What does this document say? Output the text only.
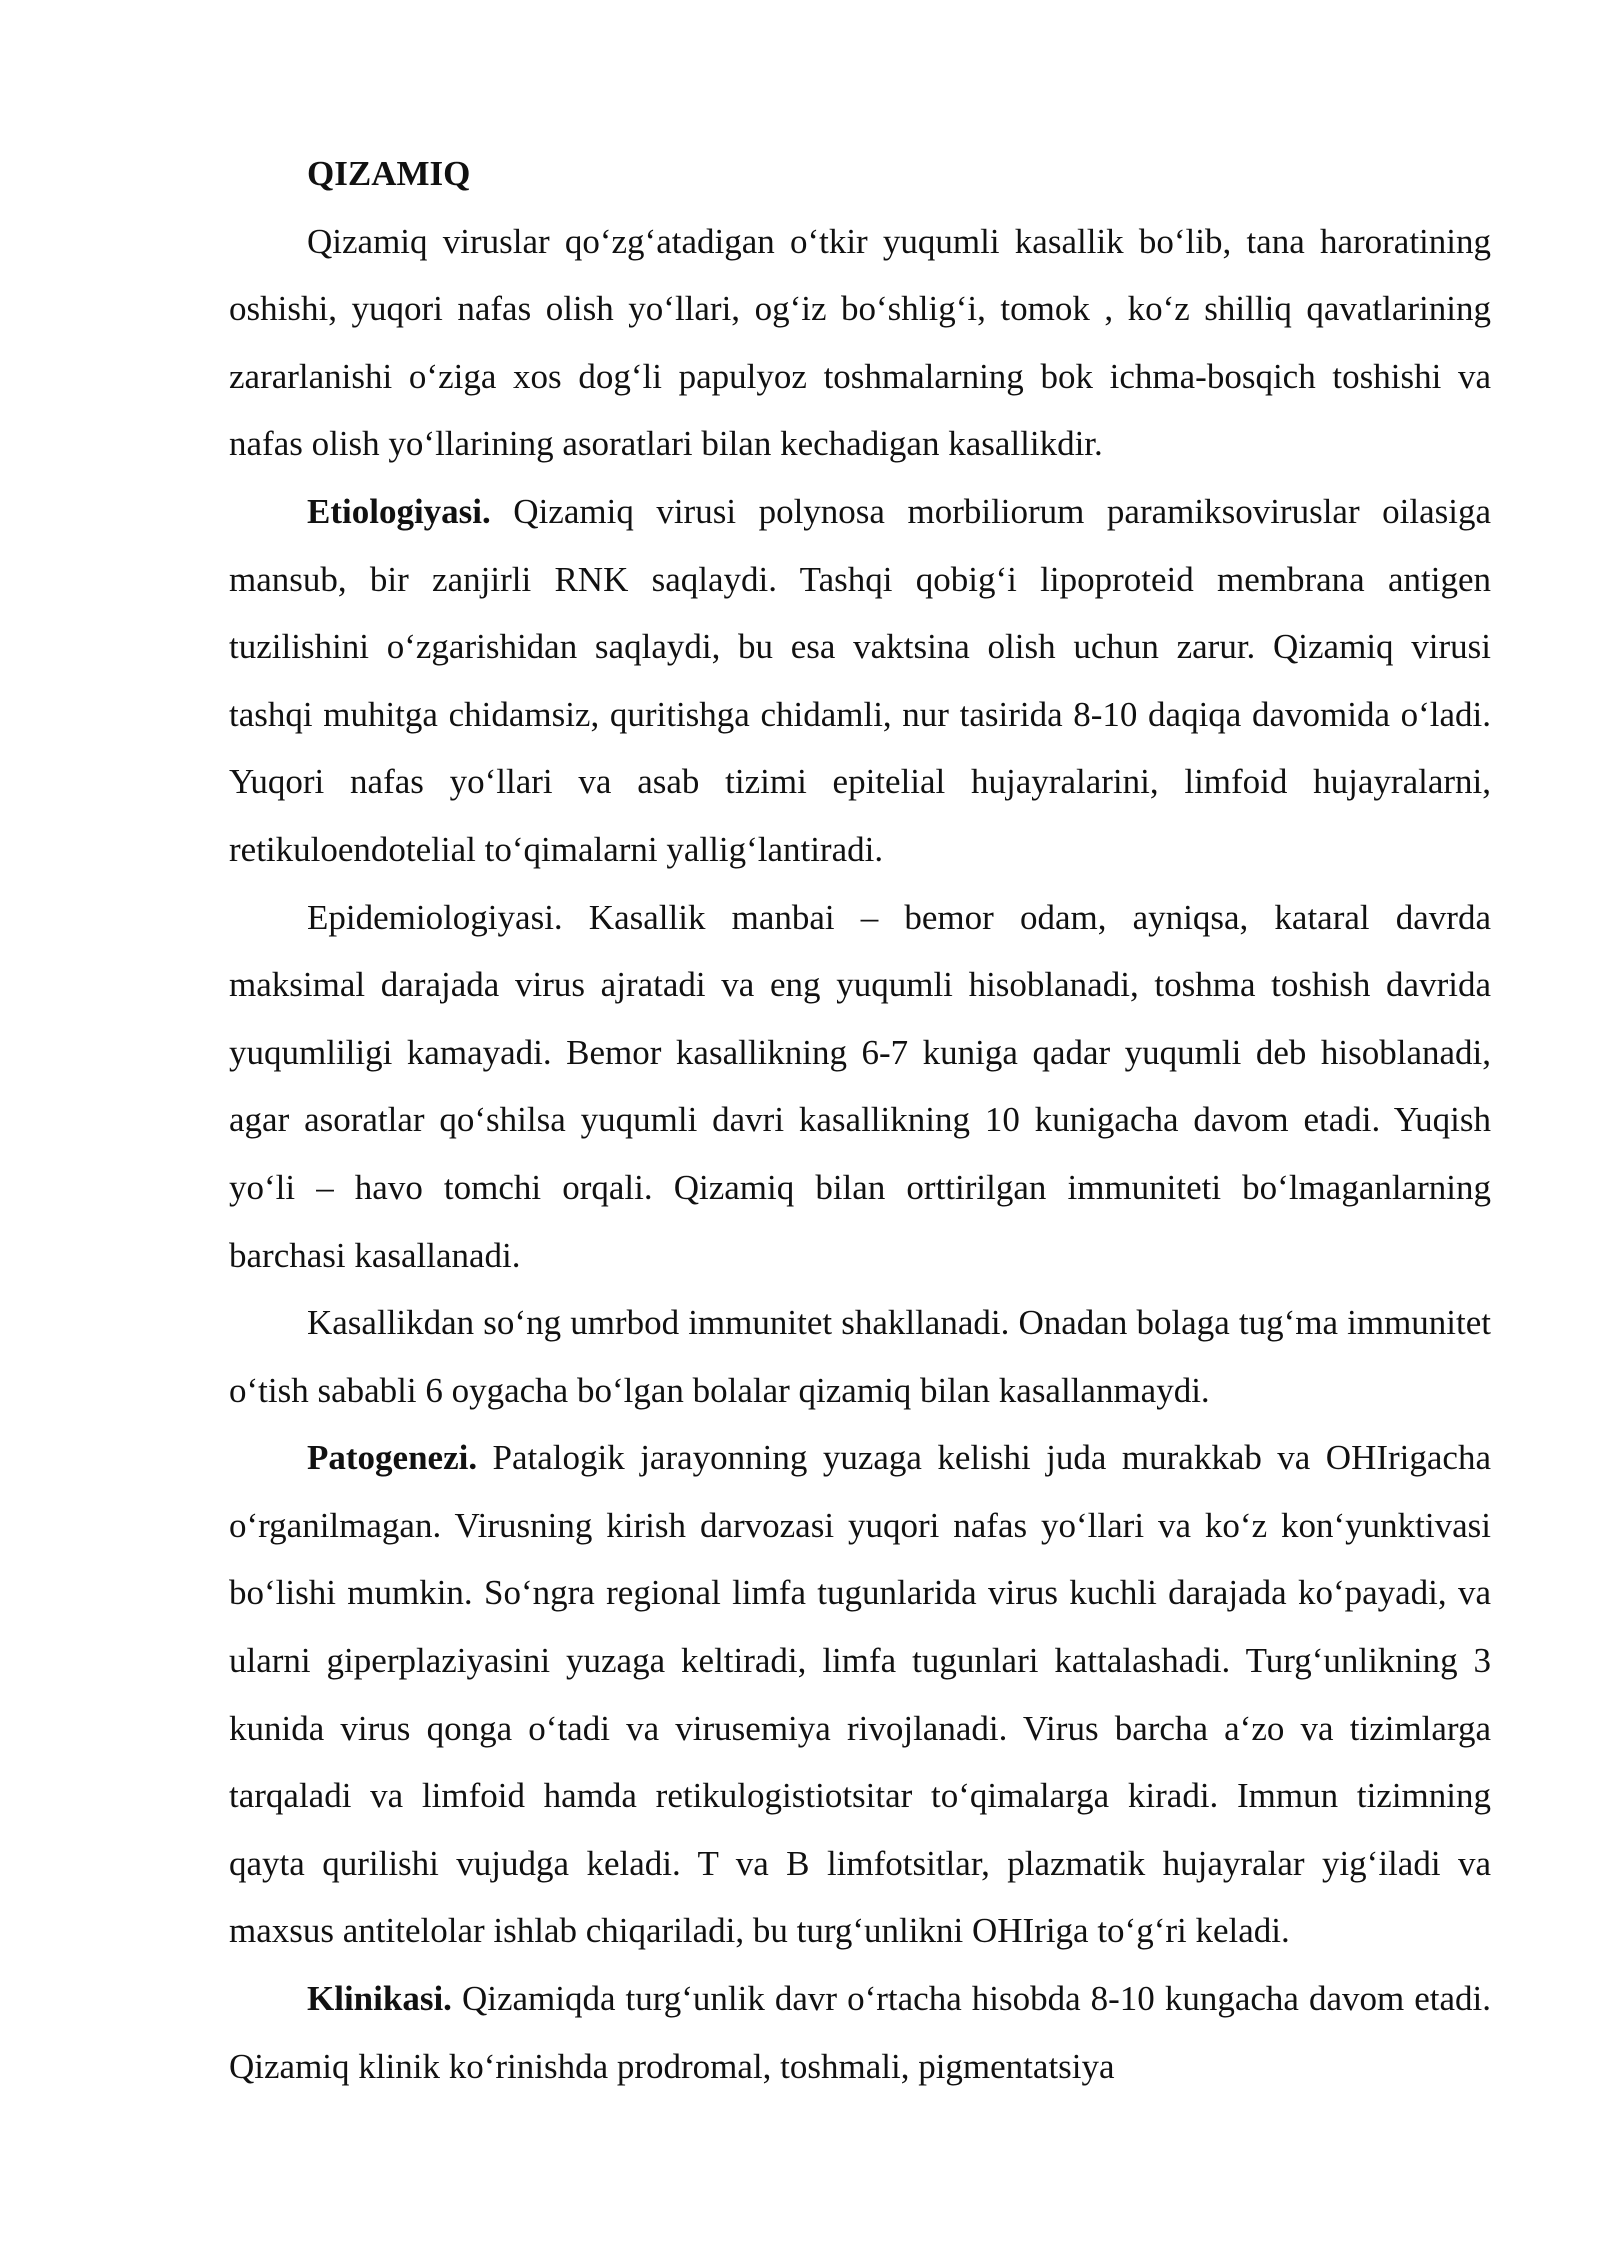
QIZAMIQ

Qizamiq viruslar qo‘zg‘atadigan o‘tkir yuqumli kasallik bo‘lib, tana haroratining oshishi, yuqori nafas olish yo‘llari, og‘iz bo‘shlig‘i, tomok , ko‘z shilliq qavatlarining zararlanishi o‘ziga xos dog‘li papulyoz toshmalarning bok ichma-bosqich toshishi va nafas olish yo‘llarining asoratlari bilan kechadigan kasallikdir.

Etiologiyasi. Qizamiq virusi polynosa morbiliorum paramiksoviruslar oilasiga mansub, bir zanjirli RNK saqlaydi. Tashqi qobig‘i lipoproteid membrana antigen tuzilishini o‘zgarishidan saqlaydi, bu esa vaktsina olish uchun zarur. Qizamiq virusi tashqi muhitga chidamsiz, quritishga chidamli, nur tasirida 8-10 daqiqa davomida o‘ladi. Yuqori nafas yo‘llari va asab tizimi epitelial hujayralarini, limfoid hujayralarni, retikuloendotelial to‘qimalarni yallig‘lantiradi.

Epidemiologiyasi. Kasallik manbai – bemor odam, ayniqsa, kataral davrda maksimal darajada virus ajratadi va eng yuqumli hisoblanadi, toshma toshish davrida yuqumliligi kamayadi. Bemor kasallikning 6-7 kuniga qadar yuqumli deb hisoblanadi, agar asoratlar qo‘shilsa yuqumli davri kasallikning 10 kunigacha davom etadi. Yuqish yo‘li – havo tomchi orqali. Qizamiq bilan orttirilgan immuniteti bo‘lmaganlarning barchasi kasallanadi.

Kasallikdan so‘ng umrbod immunitet shakllanadi. Onadan bolaga tug‘ma immunitet o‘tish sababli 6 oygacha bo‘lgan bolalar qizamiq bilan kasallanmaydi.

Patogenezi. Patalogik jarayonning yuzaga kelishi juda murakkab va OHIrigacha o‘rganilmagan. Virusning kirish darvozasi yuqori nafas yo‘llari va ko‘z kon‘yunktivasi bo‘lishi mumkin. So‘ngra regional limfa tugunlarida virus kuchli darajada ko‘payadi, va ularni giperplaziyasini yuzaga keltiradi, limfa tugunlari kattalashadi. Turg‘unlikning 3 kunida virus qonga o‘tadi va virusemiya rivojlanadi. Virus barcha a‘zo va tizimlarga tarqaladi va limfoid hamda retikulogistiotsitar to‘qimalarga kiradi. Immun tizimning qayta qurilishi vujudga keladi. T va B limfotsitlar, plazmatik hujayralar yig‘iladi va maxsus antitelolar ishlab chiqariladi, bu turg‘unlikni OHIriga to‘g‘ri keladi.

Klinikasi. Qizamiqda turg‘unlik davr o‘rtacha hisobda 8-10 kungacha davom etadi. Qizamiq klinik ko‘rinishda prodromal, toshmali, pigmentatsiya
